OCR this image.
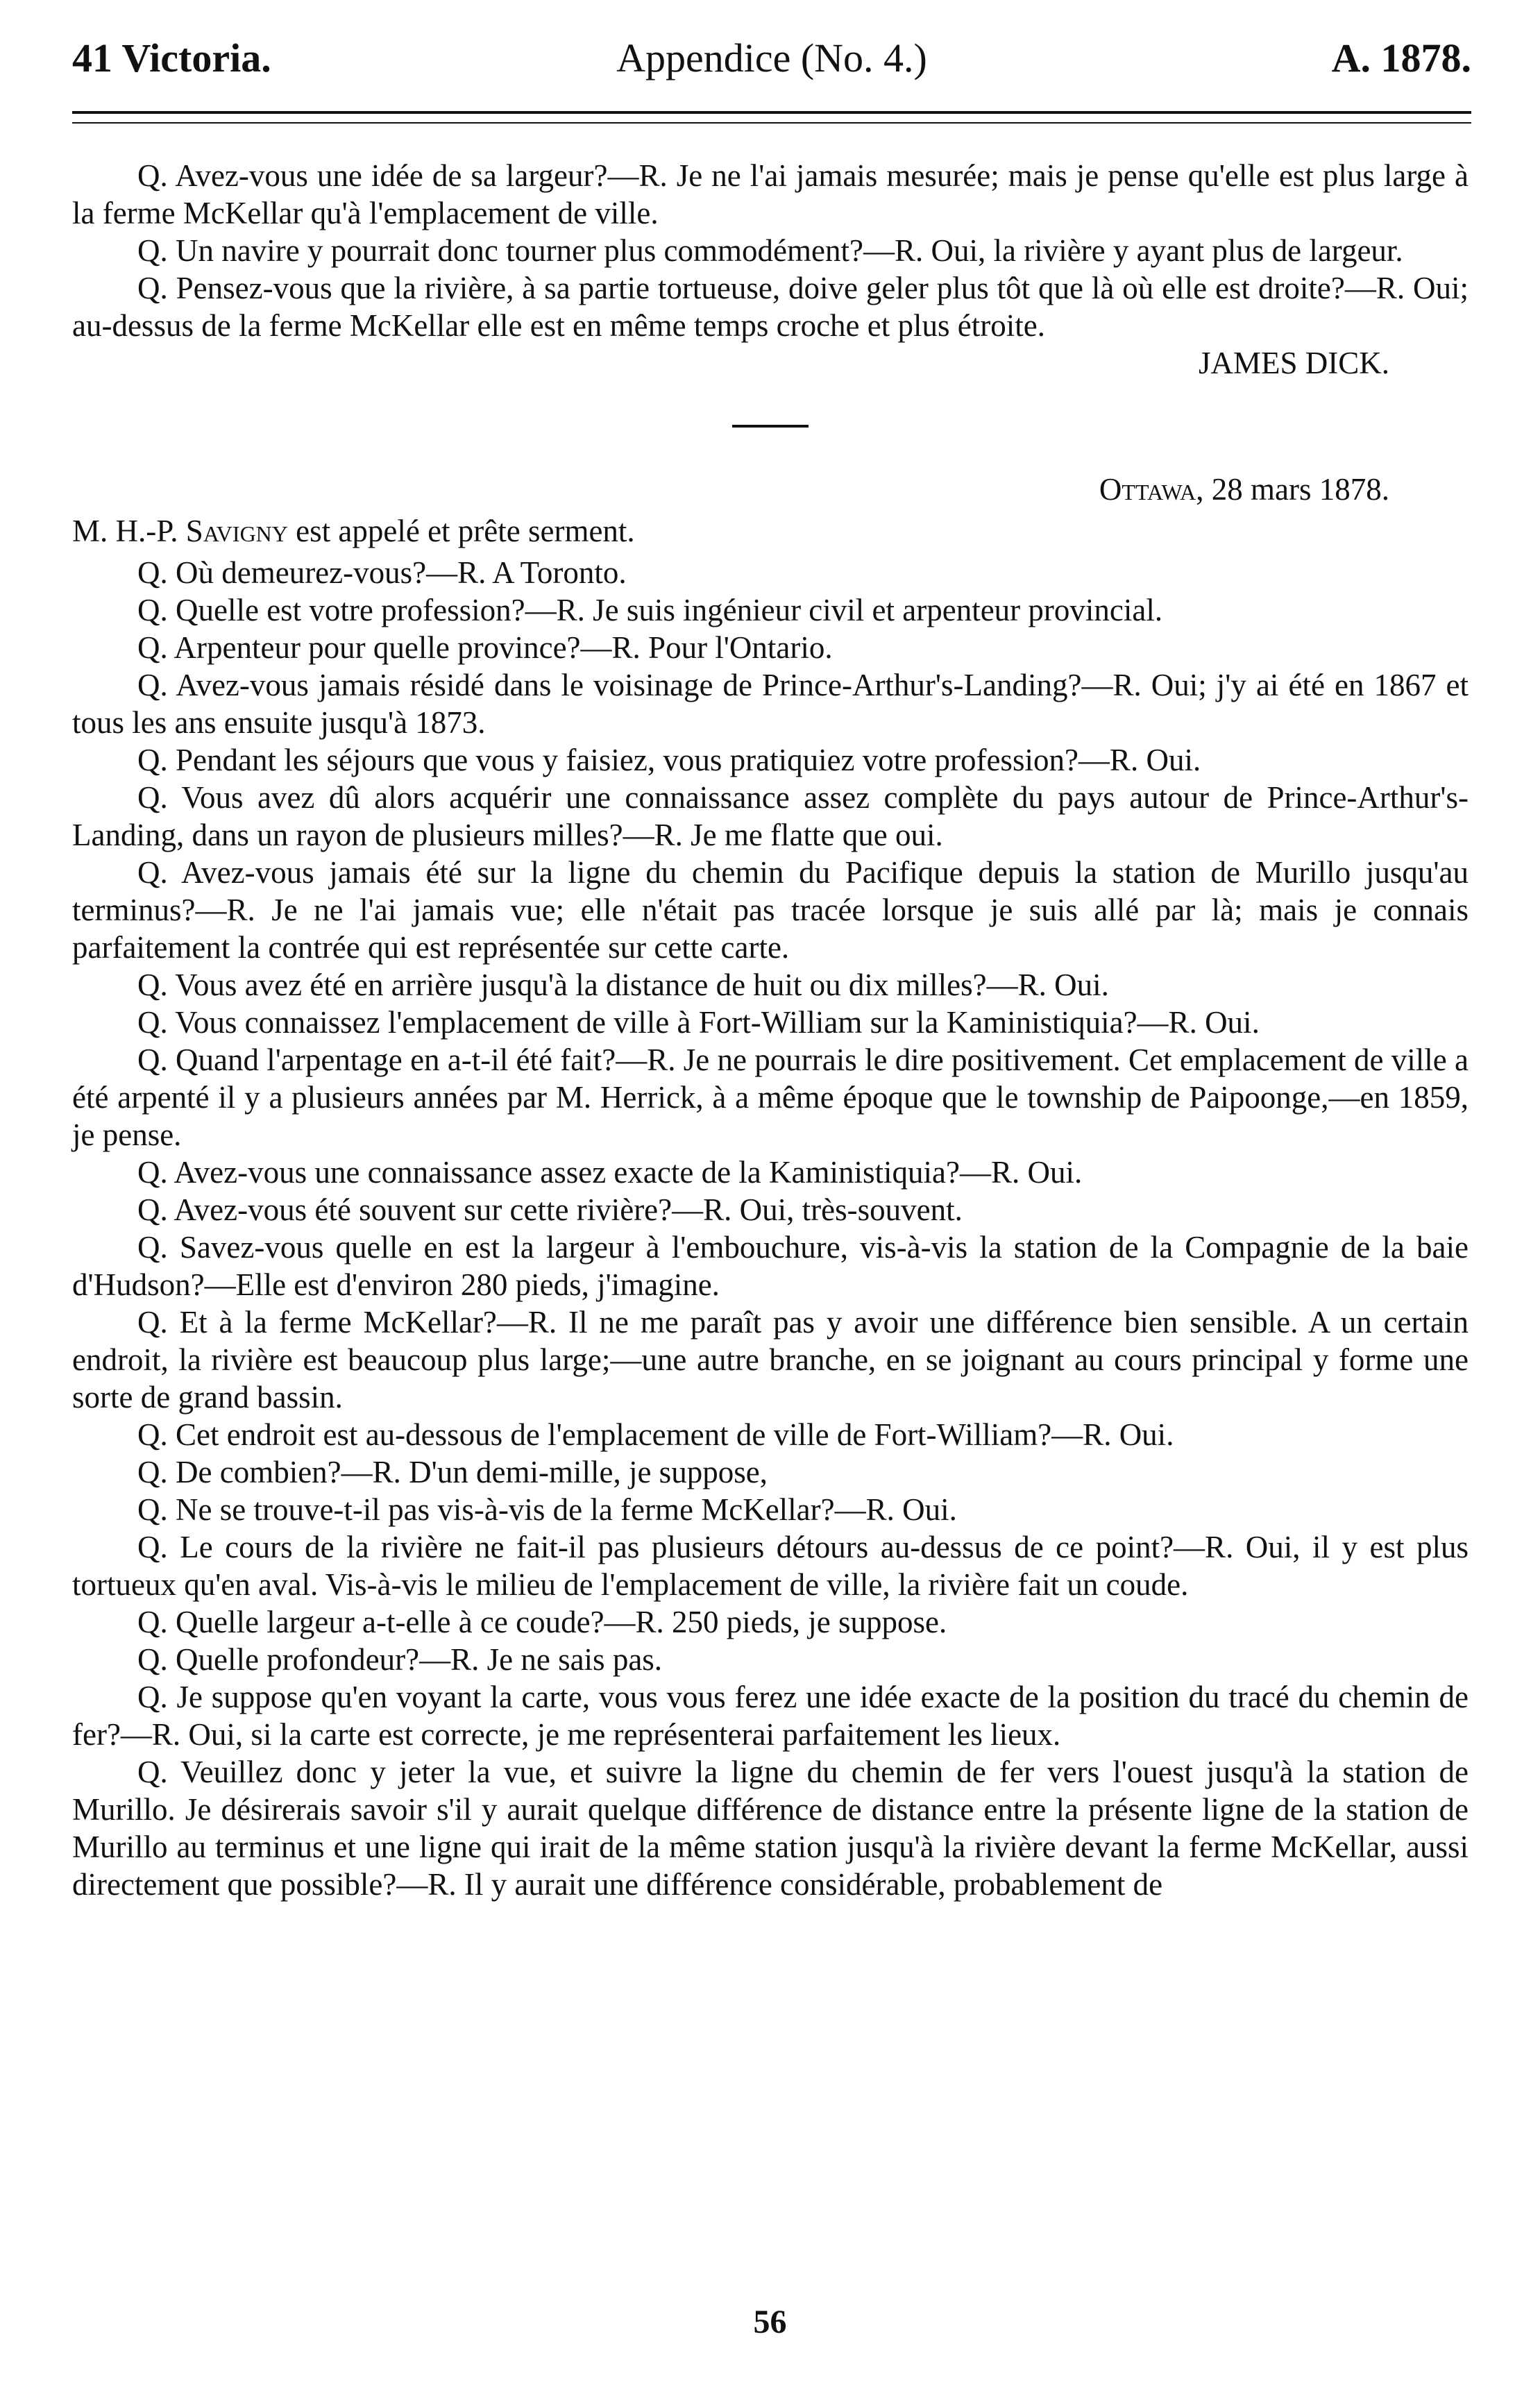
41 Victoria.	Appendice (No. 4.)	A. 1878.

Q. Avez-vous une idée de sa largeur?—R. Je ne l'ai jamais mesurée; mais je pense qu'elle est plus large à la ferme McKellar qu'à l'emplacement de ville.

Q. Un navire y pourrait donc tourner plus commodément?—R. Oui, la rivière y ayant plus de largeur.

Q. Pensez-vous que la rivière, à sa partie tortueuse, doive geler plus tôt que là où elle est droite?—R. Oui; au-dessus de la ferme McKellar elle est en même temps croche et plus étroite.

JAMES DICK.

Ottawa, 28 mars 1878.

M. H.-P. Savigny est appelé et prête serment.

Q. Où demeurez-vous?—R. A Toronto.

Q. Quelle est votre profession?—R. Je suis ingénieur civil et arpenteur provincial.

Q. Arpenteur pour quelle province?—R. Pour l'Ontario.

Q. Avez-vous jamais résidé dans le voisinage de Prince-Arthur's-Landing?—R. Oui; j'y ai été en 1867 et tous les ans ensuite jusqu'à 1873.

Q. Pendant les séjours que vous y faisiez, vous pratiquiez votre profession?—R. Oui.

Q. Vous avez dû alors acquérir une connaissance assez complète du pays autour de Prince-Arthur's-Landing, dans un rayon de plusieurs milles?—R. Je me flatte que oui.

Q. Avez-vous jamais été sur la ligne du chemin du Pacifique depuis la station de Murillo jusqu'au terminus?—R. Je ne l'ai jamais vue; elle n'était pas tracée lorsque je suis allé par là; mais je connais parfaitement la contrée qui est représentée sur cette carte.

Q. Vous avez été en arrière jusqu'à la distance de huit ou dix milles?—R. Oui.

Q. Vous connaissez l'emplacement de ville à Fort-William sur la Kaministiquia?—R. Oui.

Q. Quand l'arpentage en a-t-il été fait?—R. Je ne pourrais le dire positivement. Cet emplacement de ville a été arpenté il y a plusieurs années par M. Herrick, à a même époque que le township de Paipoonge,—en 1859, je pense.

Q. Avez-vous une connaissance assez exacte de la Kaministiquia?—R. Oui.

Q. Avez-vous été souvent sur cette rivière?—R. Oui, très-souvent.

Q. Savez-vous quelle en est la largeur à l'embouchure, vis-à-vis la station de la Compagnie de la baie d'Hudson?—Elle est d'environ 280 pieds, j'imagine.

Q. Et à la ferme McKellar?—R. Il ne me paraît pas y avoir une différence bien sensible. A un certain endroit, la rivière est beaucoup plus large;—une autre branche, en se joignant au cours principal y forme une sorte de grand bassin.

Q. Cet endroit est au-dessous de l'emplacement de ville de Fort-William?—R. Oui.

Q. De combien?—R. D'un demi-mille, je suppose,

Q. Ne se trouve-t-il pas vis-à-vis de la ferme McKellar?—R. Oui.

Q. Le cours de la rivière ne fait-il pas plusieurs détours au-dessus de ce point?—R. Oui, il y est plus tortueux qu'en aval. Vis-à-vis le milieu de l'emplacement de ville, la rivière fait un coude.

Q. Quelle largeur a-t-elle à ce coude?—R. 250 pieds, je suppose.

Q. Quelle profondeur?—R. Je ne sais pas.

Q. Je suppose qu'en voyant la carte, vous vous ferez une idée exacte de la position du tracé du chemin de fer?—R. Oui, si la carte est correcte, je me représenterai parfaitement les lieux.

Q. Veuillez donc y jeter la vue, et suivre la ligne du chemin de fer vers l'ouest jusqu'à la station de Murillo. Je désirerais savoir s'il y aurait quelque différence de distance entre la présente ligne de la station de Murillo au terminus et une ligne qui irait de la même station jusqu'à la rivière devant la ferme McKellar, aussi directement que possible?—R. Il y aurait une différence considérable, probablement de

56
